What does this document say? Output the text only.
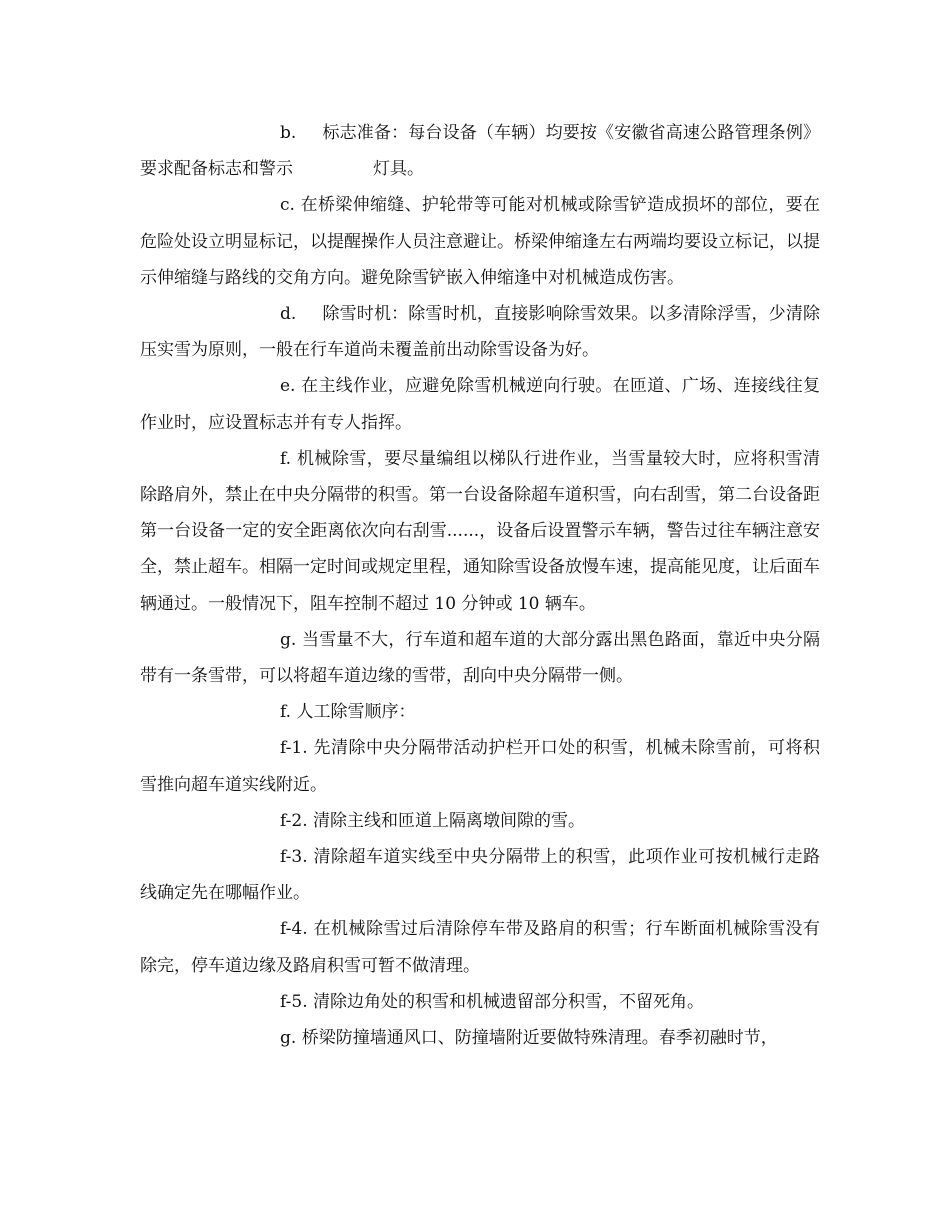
b. 标志准备：每台设备（车辆）均要按《安徽省高速公路管理条例》要求配备标志和警示	灯具。

c. 在桥梁伸缩缝、护轮带等可能对机械或除雪铲造成损坏的部位，要在危险处设立明显标记，以提醒操作人员注意避让。桥梁伸缩逢左右两端均要设立标记，以提示伸缩缝与路线的交角方向。避免除雪铲嵌入伸缩逢中对机械造成伤害。

d. 除雪时机：除雪时机，直接影响除雪效果。以多清除浮雪，少清除压实雪为原则，一般在行车道尚未覆盖前出动除雪设备为好。

e. 在主线作业，应避免除雪机械逆向行驶。在匝道、广场、连接线往复作业时，应设置标志并有专人指挥。

f. 机械除雪，要尽量编组以梯队行进作业，当雪量较大时，应将积雪清除路肩外，禁止在中央分隔带的积雪。第一台设备除超车道积雪，向右刮雪，第二台设备距第一台设备一定的安全距离依次向右刮雪......，设备后设置警示车辆，警告过往车辆注意安全，禁止超车。相隔一定时间或规定里程，通知除雪设备放慢车速，提高能见度，让后面车辆通过。一般情况下，阻车控制不超过 10 分钟或 10 辆车。

g. 当雪量不大，行车道和超车道的大部分露出黑色路面，靠近中央分隔带有一条雪带，可以将超车道边缘的雪带，刮向中央分隔带一侧。

f. 人工除雪顺序：

f-1. 先清除中央分隔带活动护栏开口处的积雪，机械未除雪前，可将积雪推向超车道实线附近。

f-2. 清除主线和匝道上隔离墩间隙的雪。

f-3. 清除超车道实线至中央分隔带上的积雪，此项作业可按机械行走路线确定先在哪幅作业。

f-4. 在机械除雪过后清除停车带及路肩的积雪；行车断面机械除雪没有除完，停车道边缘及路肩积雪可暂不做清理。

f-5. 清除边角处的积雪和机械遗留部分积雪，不留死角。

g. 桥梁防撞墙通风口、防撞墙附近要做特殊清理。春季初融时节，
